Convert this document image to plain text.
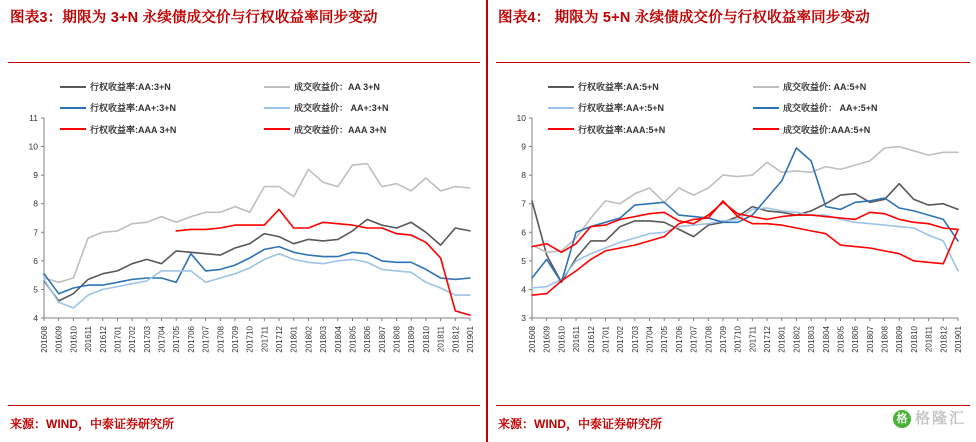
图表3：期限为 3+N 永续债成交价与行权收益率同步变动
行权收益率:AA:3+N	成交收益价：AA 3+N
行权收益率:AA+:3+N	成交收益价： AA+:3+N
行权收益率:AAA 3+N	成交收益价：AAA 3+N
4
5
6
7
8
9
10
11
201608 201609 201610 201611 201612 201701 201702 201703 201704 201705 201706 201707 201708 201709 201710 201711 201712 201801 201802 201803 201804 201805 201806 201807 201808 201809 201810 201811 201812 201901
来源：WIND，中泰证券研究所
图表4： 期限为 5+N 永续债成交价与行权收益率同步变动
行权收益率:AA:5+N	成交收益价: AA:5+N
行权收益率:AA+:5+N	成交收益价： AA+:5+N
行权收益率:AAA:5+N	成交收益价:AAA:5+N
3
4
5
6
7
8
9
10
201608 201609 201610 201611 201612 201701 201702 201703 201704 201705 201706 201707 201708 201709 201710 201711 201712 201801 201802 201803 201804 201805 201806 201807 201808 201809 201810 201811 201812 201901
来源：WIND，中泰证券研究所	格 格隆汇
